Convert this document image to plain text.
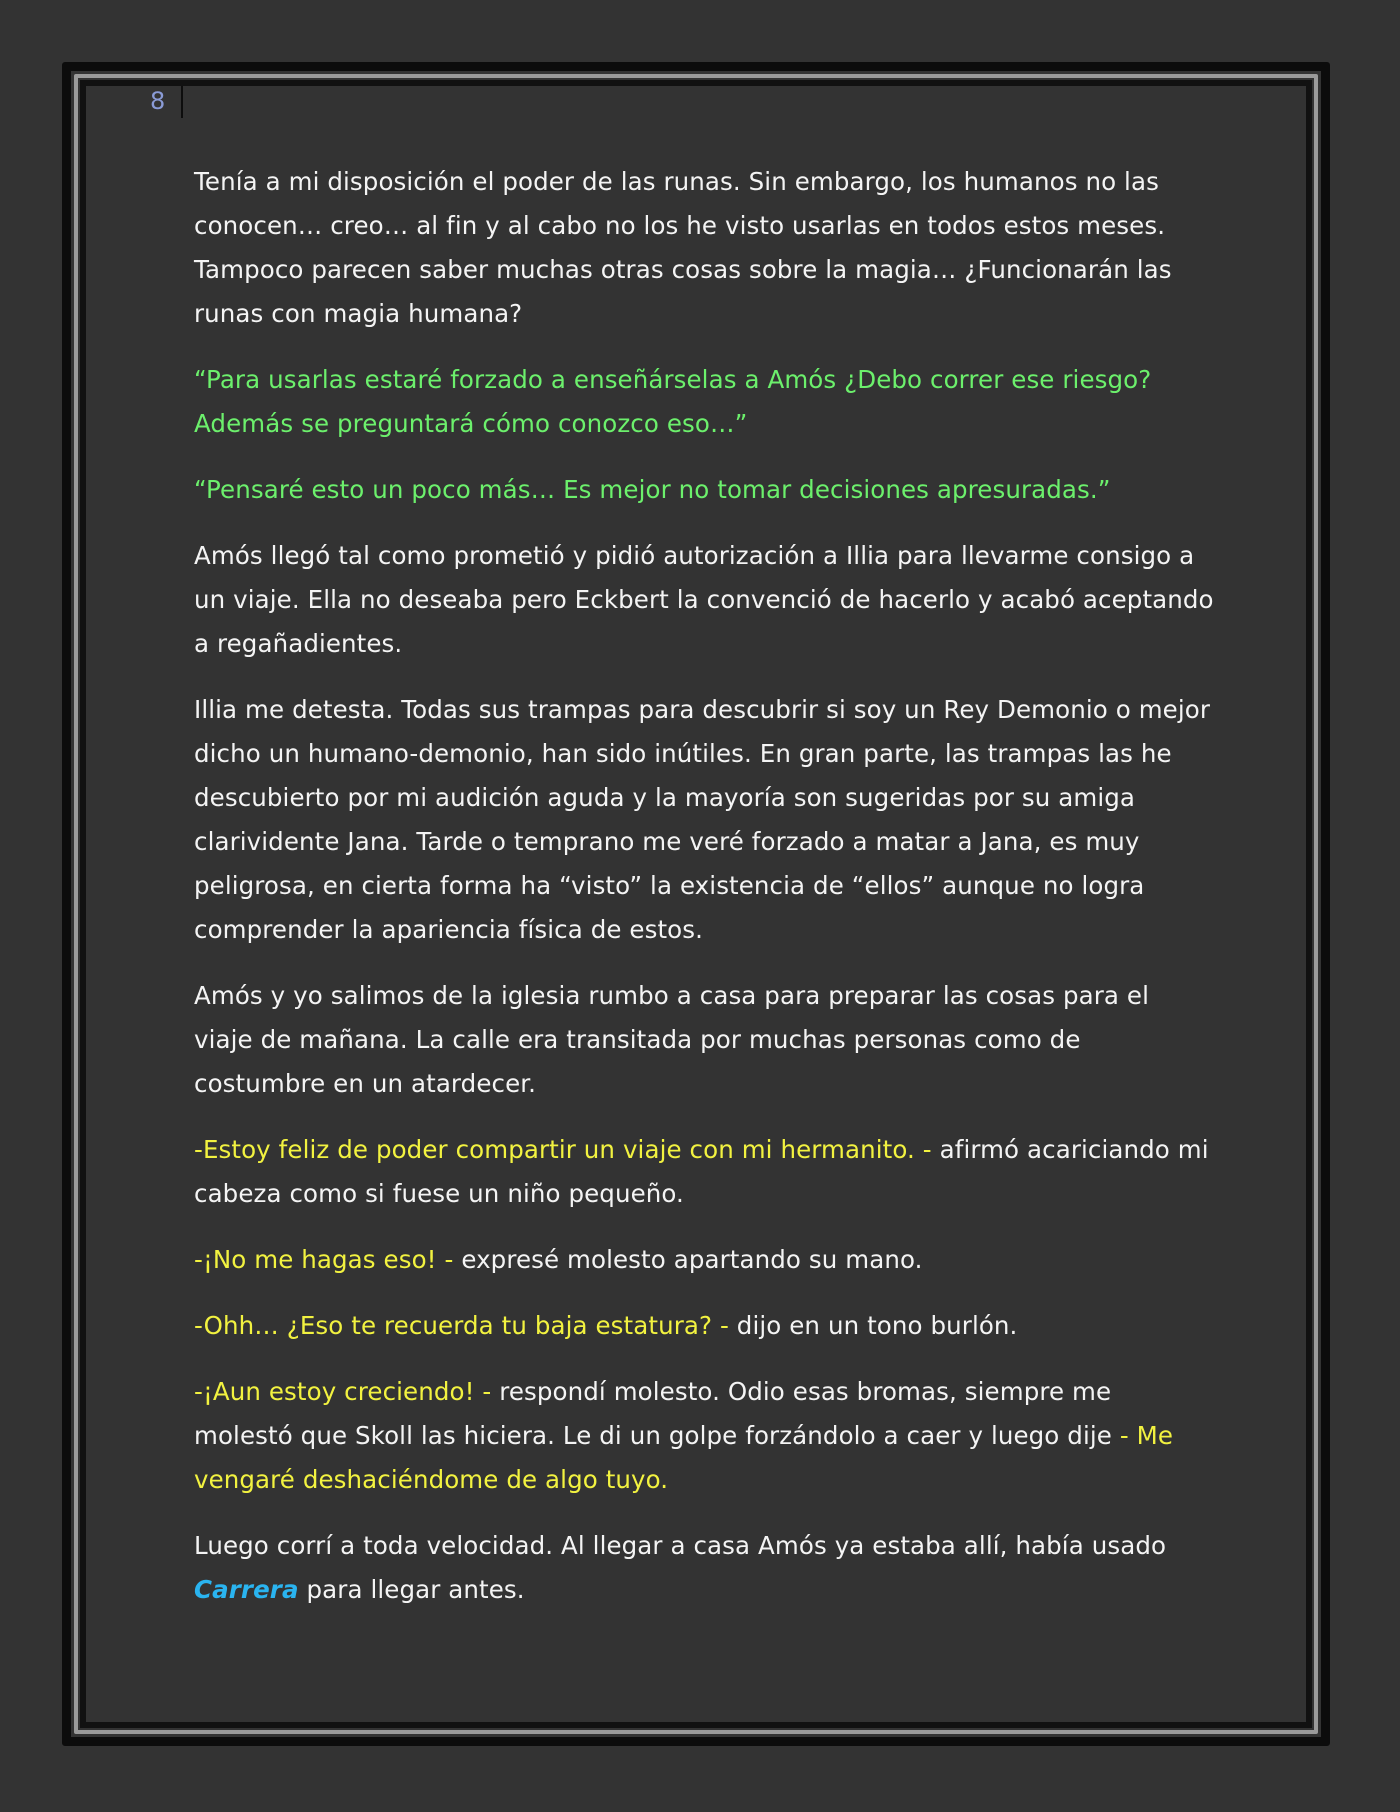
8

Tenía a mi disposición el poder de las runas. Sin embargo, los humanos no las conocen… creo… al fin y al cabo no los he visto usarlas en todos estos meses. Tampoco parecen saber muchas otras cosas sobre la magia… ¿Funcionarán las runas con magia humana?

“Para usarlas estaré forzado a enseñárselas a Amós ¿Debo correr ese riesgo? Además se preguntará cómo conozco eso…”

“Pensaré esto un poco más… Es mejor no tomar decisiones apresuradas.”

Amós llegó tal como prometió y pidió autorización a Illia para llevarme consigo a un viaje. Ella no deseaba pero Eckbert la convenció de hacerlo y acabó aceptando a regañadientes.

Illia me detesta. Todas sus trampas para descubrir si soy un Rey Demonio o mejor dicho un humano-demonio, han sido inútiles. En gran parte, las trampas las he descubierto por mi audición aguda y la mayoría son sugeridas por su amiga clarividente Jana. Tarde o temprano me veré forzado a matar a Jana, es muy peligrosa, en cierta forma ha “visto” la existencia de “ellos” aunque no logra comprender la apariencia física de estos.

Amós y yo salimos de la iglesia rumbo a casa para preparar las cosas para el viaje de mañana. La calle era transitada por muchas personas como de costumbre en un atardecer.

-Estoy feliz de poder compartir un viaje con mi hermanito. - afirmó acariciando mi cabeza como si fuese un niño pequeño.

-¡No me hagas eso! - expresé molesto apartando su mano.

-Ohh… ¿Eso te recuerda tu baja estatura? - dijo en un tono burlón.

-¡Aun estoy creciendo! - respondí molesto. Odio esas bromas, siempre me molestó que Skoll las hiciera. Le di un golpe forzándolo a caer y luego dije - Me vengaré deshaciéndome de algo tuyo.

Luego corrí a toda velocidad. Al llegar a casa Amós ya estaba allí, había usado Carrera para llegar antes.
